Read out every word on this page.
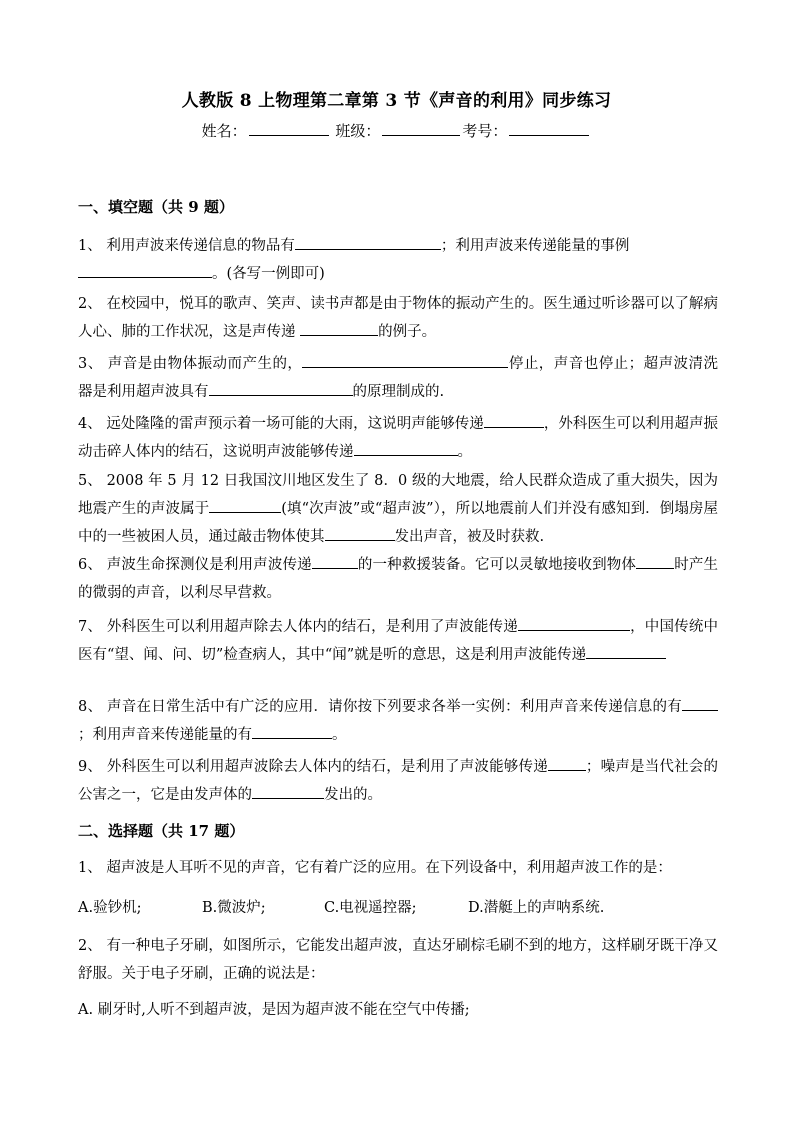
人教版 8 上物理第二章第 3 节《声音的利用》同步练习
姓名：	班级：	考号：
一、填空题（共 9 题）
1、 利用声波来传递信息的物品有	；利用声波来传递能量的事例
。(各写一例即可)
2、 在校园中，悦耳的歌声、笑声、读书声都是由于物体的振动产生的。医生通过听诊器可以了解病人心、肺的工作状况，这是声传递	的例子。
3、 声音是由物体振动而产生的，	停止，声音也停止；超声波清洗器是利用超声波具有	的原理制成的.
4、 远处隆隆的雷声预示着一场可能的大雨，这说明声能够传递	，外科医生可以利用超声振动击碎人体内的结石，这说明声波能够传递	。
5、 2008 年 5 月 12 日我国汶川地区发生了 8．0 级的大地震，给人民群众造成了重大损失，因为地震产生的声波属于	(填“次声波”或“超声波”），所以地震前人们并没有感知到．倒塌房屋中的一些被困人员，通过敲击物体使其	发出声音，被及时获救.
6、 声波生命探测仪是利用声波传递	的一种救援装备。它可以灵敏地接收到物体	时产生的微弱的声音，以利尽早营救。
7、 外科医生可以利用超声除去人体内的结石，是利用了声波能传递	，中国传统中医有“望、闻、问、切”检查病人，其中“闻”就是听的意思，这是利用声波能传递
8、 声音在日常生活中有广泛的应用．请你按下列要求各举一实例：利用声音来传递信息的有；利用声音来传递能量的有	。
9、 外科医生可以利用超声波除去人体内的结石，是利用了声波能够传递	；噪声是当代社会的公害之一，它是由发声体的	发出的。
二、选择题（共 17 题）
1、 超声波是人耳听不见的声音，它有着广泛的应用。在下列设备中，利用超声波工作的是：
A.验钞机;	B.微波炉;	C.电视遥控器;	D.潜艇上的声呐系统.
2、 有一种电子牙刷，如图所示，它能发出超声波，直达牙刷棕毛刷不到的地方，这样刷牙既干净又舒服。关于电子牙刷，正确的说法是：
A. 刷牙时,人听不到超声波，是因为超声波不能在空气中传播;
